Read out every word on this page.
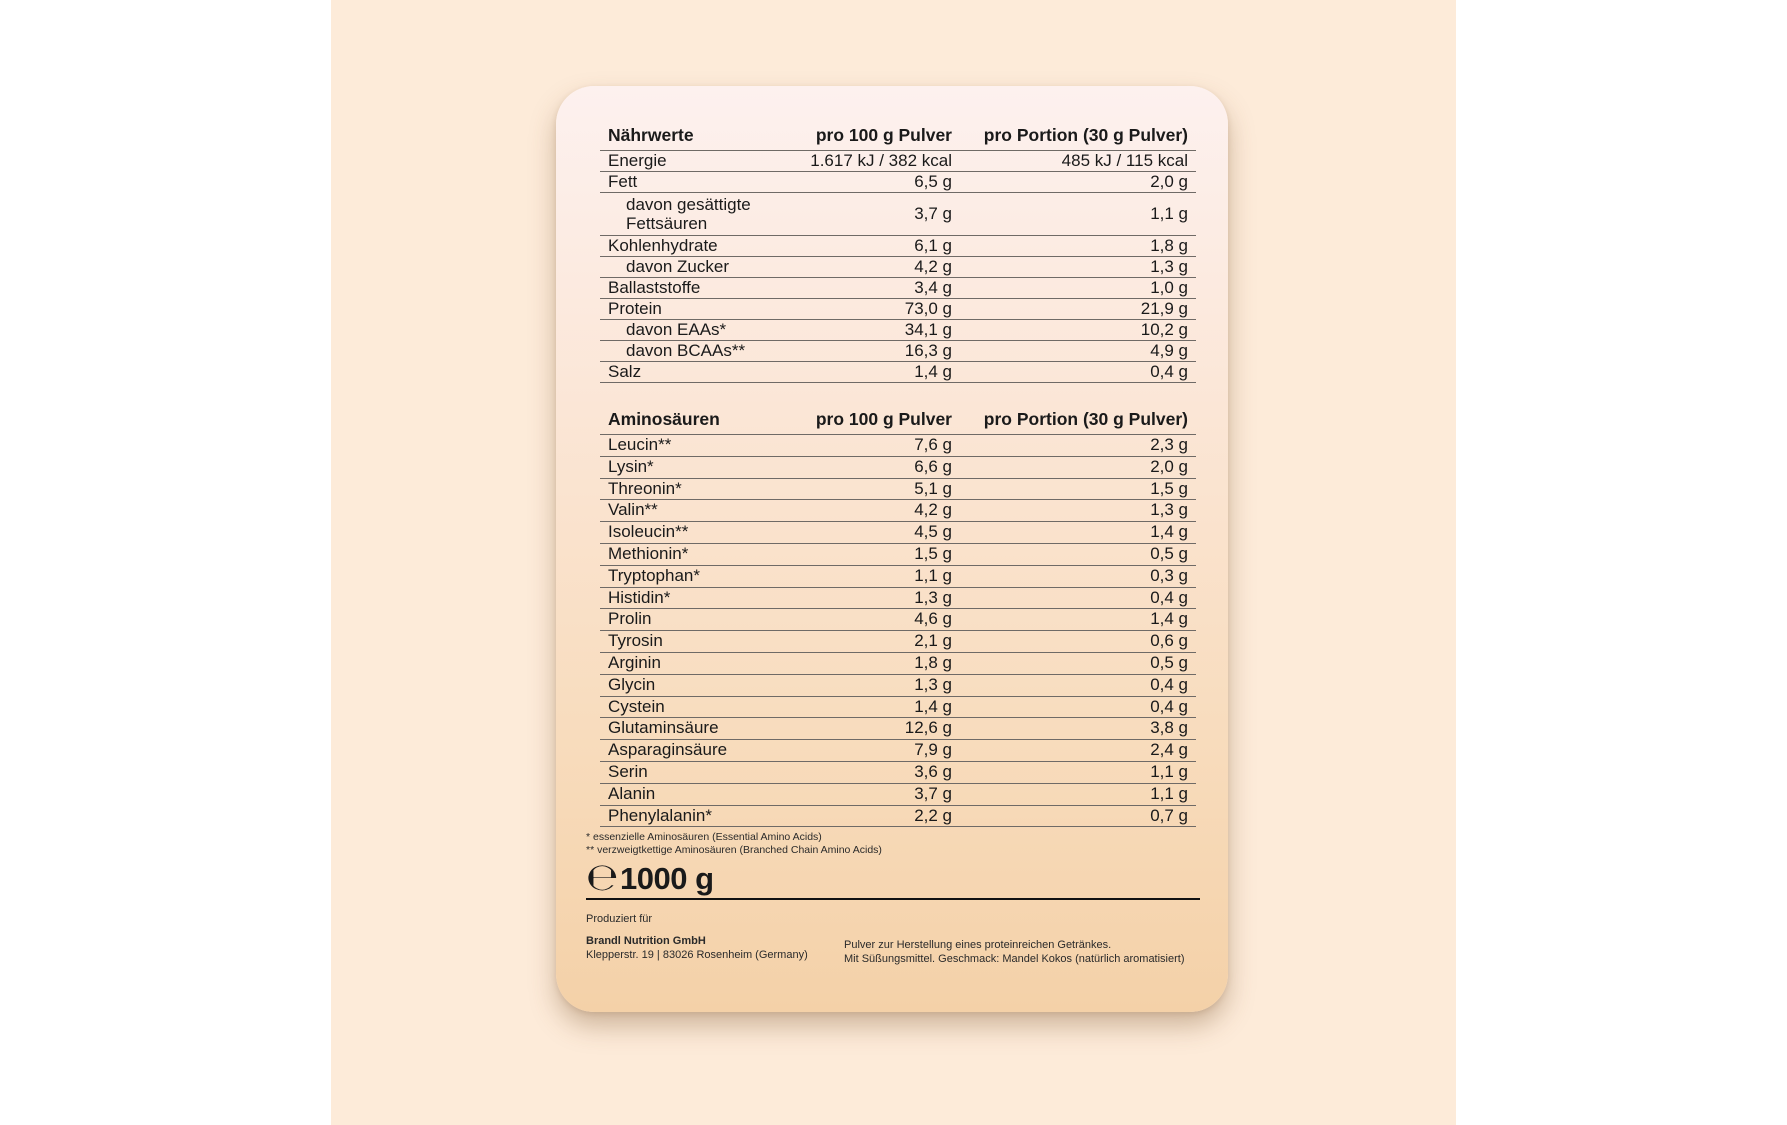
Nährwerte	pro 100 g Pulver	pro Portion (30 g Pulver)
Energie	1.617 kJ / 382 kcal	485 kJ / 115 kcal
Fett	6,5 g	2,0 g
davon gesättigte Fettsäuren	3,7 g	1,1 g
Kohlenhydrate	6,1 g	1,8 g
davon Zucker	4,2 g	1,3 g
Ballaststoffe	3,4 g	1,0 g
Protein	73,0 g	21,9 g
davon EAAs*	34,1 g	10,2 g
davon BCAAs**	16,3 g	4,9 g
Salz	1,4 g	0,4 g
Aminosäuren	pro 100 g Pulver	pro Portion (30 g Pulver)
Leucin**	7,6 g	2,3 g
Lysin*	6,6 g	2,0 g
Threonin*	5,1 g	1,5 g
Valin**	4,2 g	1,3 g
Isoleucin**	4,5 g	1,4 g
Methionin*	1,5 g	0,5 g
Tryptophan*	1,1 g	0,3 g
Histidin*	1,3 g	0,4 g
Prolin	4,6 g	1,4 g
Tyrosin	2,1 g	0,6 g
Arginin	1,8 g	0,5 g
Glycin	1,3 g	0,4 g
Cystein	1,4 g	0,4 g
Glutaminsäure	12,6 g	3,8 g
Asparaginsäure	7,9 g	2,4 g
Serin	3,6 g	1,1 g
Alanin	3,7 g	1,1 g
Phenylalanin*	2,2 g	0,7 g
* essenzielle Aminosäuren (Essential Amino Acids)
** verzweigtkettige Aminosäuren (Branched Chain Amino Acids)
℮ 1000 g
Produziert für
Brandl Nutrition GmbH
Klepperstr. 19 | 83026 Rosenheim (Germany)
Pulver zur Herstellung eines proteinreichen Getränkes.
Mit Süßungsmittel. Geschmack: Mandel Kokos (natürlich aromatisiert)
